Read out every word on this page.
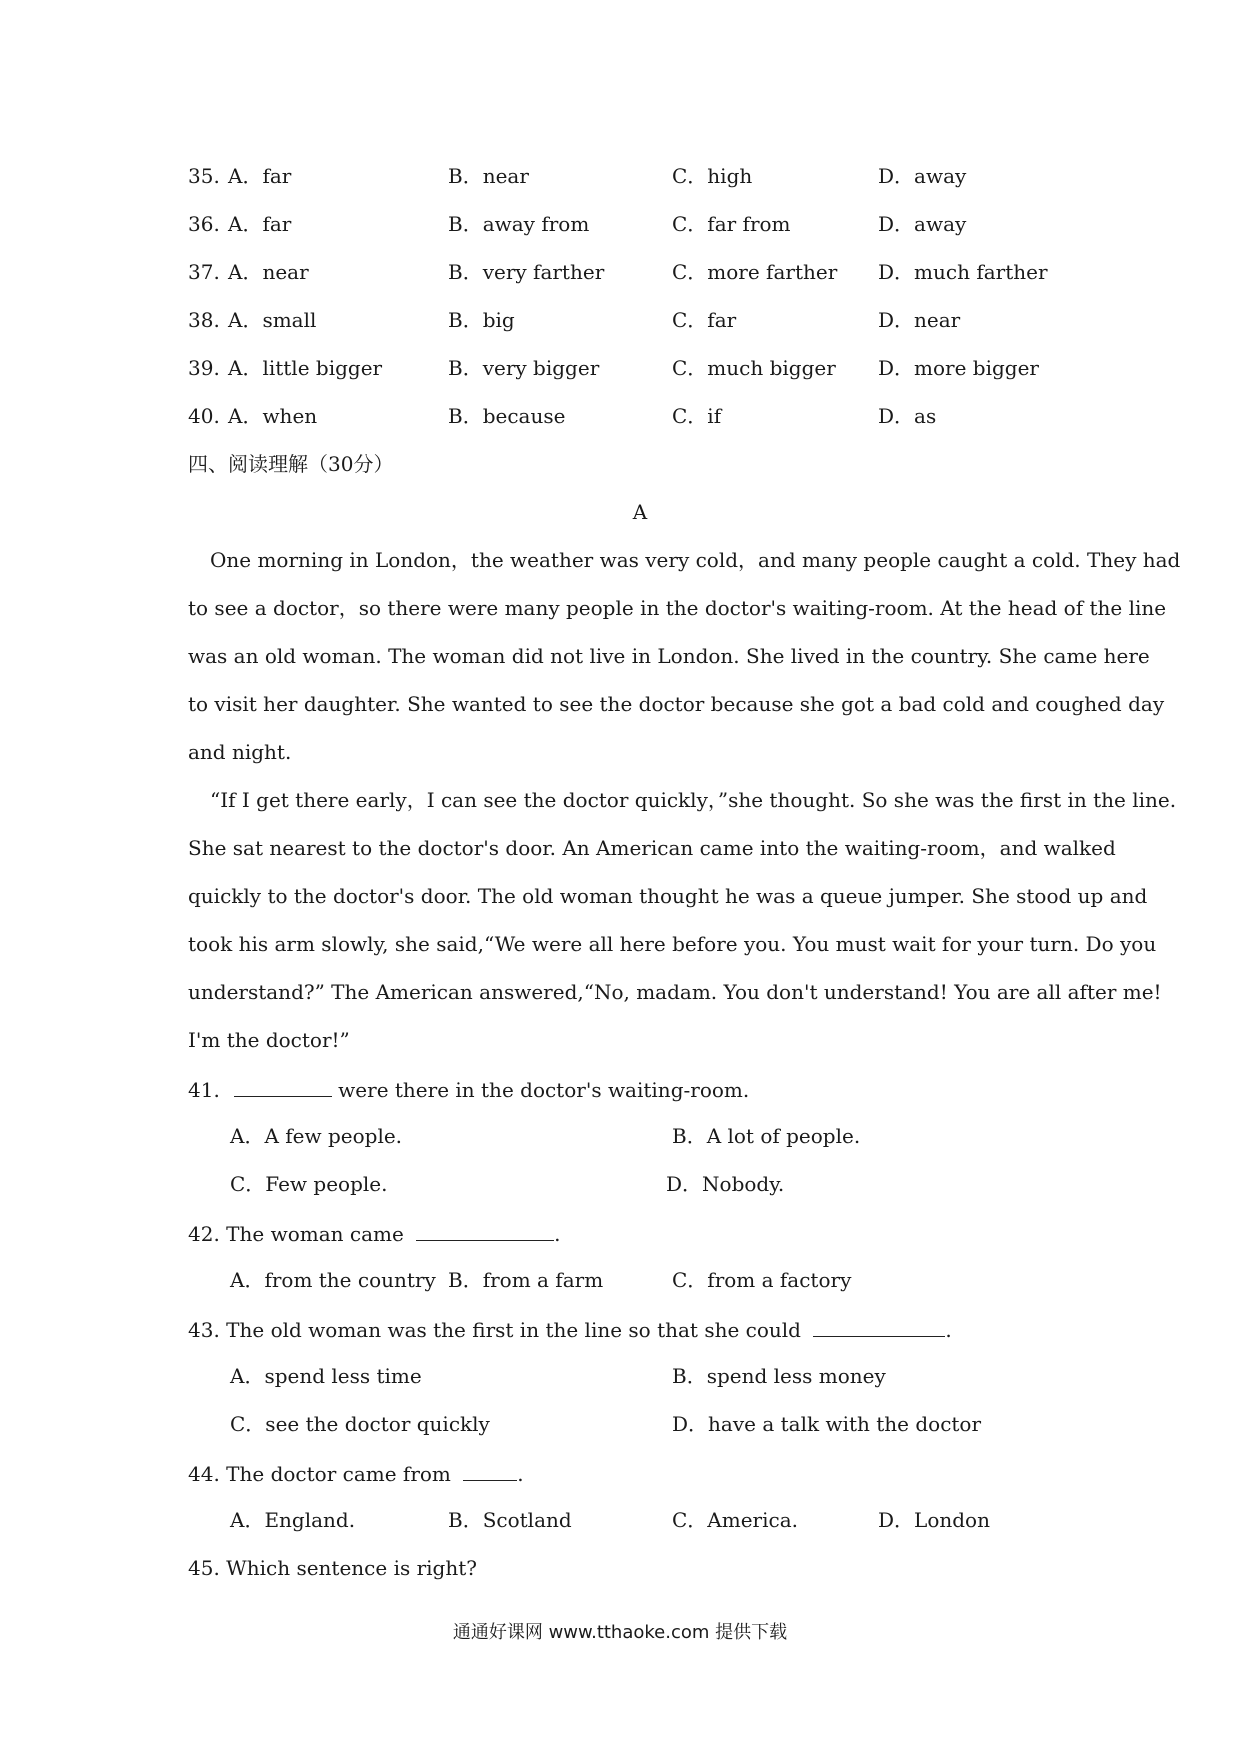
35. A．far	B．near	C．high	D．away
36. A．far	B．away from	C．far from	D．away
37. A．near	B．very farther	C．more farther D．much farther
38. A．small	B．big	C．far	D．near
39. A．little bigger	B．very bigger	C．much bigger D．more bigger
40. A．when	B．because	C．if	D．as
四、阅读理解（30分）
A
One morning in London，the weather was very cold，and many people caught a cold. They had
to see a doctor，so there were many people in the doctor's waiting-room. At the head of the line
was an old woman. The woman did not live in London. She lived in the country. She came here
to visit her daughter. She wanted to see the doctor because she got a bad cold and coughed day
and night.
“If I get there early，I can see the doctor quickly，”she thought. So she was the first in the line.
She sat nearest to the doctor's door. An American came into the waiting-room，and walked
quickly to the doctor's door. The old woman thought he was a queue jumper. She stood up and
took his arm slowly, she said,“We were all here before you. You must wait for your turn. Do you
understand?” The American answered,“No, madam. You don't understand! You are all after me!
I'm the doctor!”
41.	were there in the doctor's waiting-room.
A．A few people.	B．A lot of people.
C．Few people.	D．Nobody.
42. The woman came	.
A．from the country B．from a farm	C．from a factory
43. The old woman was the first in the line so that she could	.
A．spend less time	B．spend less money
C．see the doctor quickly	D．have a talk with the doctor
44. The doctor came from	.
A．England.	B．Scotland	C．America.	D．London
45. Which sentence is right?
通通好课网 www.tthaoke.com 提供下载
